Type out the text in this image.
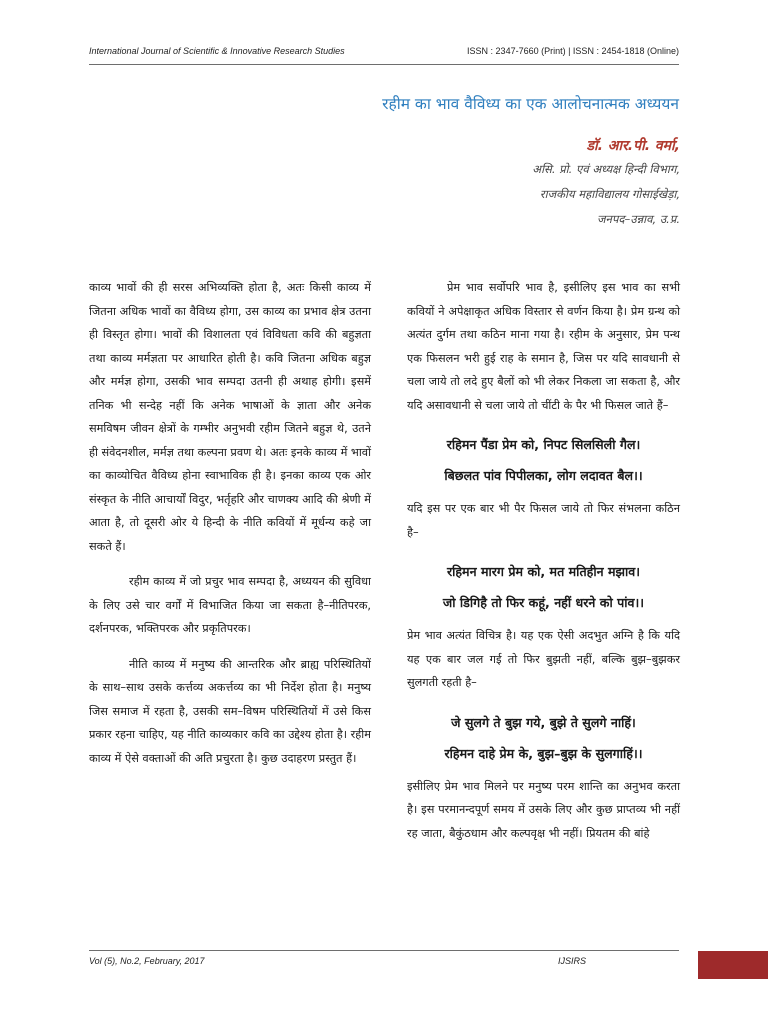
International Journal of Scientific & Innovative Research Studies	ISSN : 2347-7660 (Print) | ISSN : 2454-1818 (Online)
रहीम का भाव वैविध्य का एक आलोचनात्मक अध्ययन
डॉ. आर.पी. वर्मा,
असि. प्रो. एवं अध्यक्ष हिन्दी विभाग,
राजकीय महाविद्यालय गोसाईखेड़ा,
जनपद–उन्नाव, उ.प्र.

काव्य भावों की ही सरस अभिव्यक्ति होता है, अतः किसी काव्य में जितना अधिक भावों का वैविध्य होगा, उस काव्य का प्रभाव क्षेत्र उतना ही विस्तृत होगा। भावों की विशालता एवं विविधता कवि की बहुज्ञता तथा काव्य मर्मज्ञता पर आधारित होती है। कवि जितना अधिक बहुज्ञ और मर्मज्ञ होगा, उसकी भाव सम्पदा उतनी ही अथाह होगी। इसमें तनिक भी सन्देह नहीं कि अनेक भाषाओं के ज्ञाता और अनेक समविषम जीवन क्षेत्रों के गम्भीर अनुभवी रहीम जितने बहुज्ञ थे, उतने ही संवेदनशील, मर्मज्ञ तथा कल्पना प्रवण थे। अतः इनके काव्य में भावों का काव्योचित वैविध्य होना स्वाभाविक ही है। इनका काव्य एक ओर संस्कृत के नीति आचार्यों विदुर, भर्तृहरि और चाणक्य आदि की श्रेणी में आता है, तो दूसरी ओर ये हिन्दी के नीति कवियों में मूर्धन्य कहे जा सकते हैं।

रहीम काव्य में जो प्रचुर भाव सम्पदा है, अध्ययन की सुविधा के लिए उसे चार वर्गों में विभाजित किया जा सकता है–नीतिपरक, दर्शनपरक, भक्तिपरक और प्रकृतिपरक।

नीति काव्य में मनुष्य की आन्तरिक और ब्राह्य परिस्थितियों के साथ–साथ उसके कर्त्तव्य अकर्त्तव्य का भी निर्देश होता है। मनुष्य जिस समाज में रहता है, उसकी सम–विषम परिस्थितियों में उसे किस प्रकार रहना चाहिए, यह नीति काव्यकार कवि का उद्देश्य होता है। रहीम काव्य में ऐसे वक्ताओं की अति प्रचुरता है। कुछ उदाहरण प्रस्तुत हैं।

प्रेम भाव सर्वोपरि भाव है, इसीलिए इस भाव का सभी कवियों ने अपेक्षाकृत अधिक विस्तार से वर्णन किया है। प्रेम ग्रन्थ को अत्यंत दुर्गम तथा कठिन माना गया है। रहीम के अनुसार, प्रेम पन्थ एक फिसलन भरी हुई राह के समान है, जिस पर यदि सावधानी से चला जाये तो लदे हुए बैलों को भी लेकर निकला जा सकता है, और यदि असावधानी से चला जाये तो चींटी के पैर भी फिसल जाते हैं–

रहिमन पैंडा प्रेम को, निपट सिलसिली गैल।

बिछलत पांव पिपीलका, लोग लदावत बैल।।

यदि इस पर एक बार भी पैर फिसल जाये तो फिर संभलना कठिन है–

रहिमन मारग प्रेम को, मत मतिहीन मझाव।

जो डिगिहै तो फिर कहूं, नहीं धरने को पांव।।

प्रेम भाव अत्यंत विचित्र है। यह एक ऐसी अदभुत अग्नि है कि यदि यह एक बार जल गई तो फिर बुझती नहीं, बल्कि बुझ–बुझकर सुलगती रहती है–

जे सुलगे ते बुझ गये, बुझे ते सुलगे नाहिं।

रहिमन दाहे प्रेम के, बुझ–बुझ के सुलगाहिं।।

इसीलिए प्रेम भाव मिलने पर मनुष्य परम शान्ति का अनुभव करता है। इस परमानन्दपूर्ण समय में उसके लिए और कुछ प्राप्तव्य भी नहीं रह जाता, बैकुंठधाम और कल्पवृक्ष भी नहीं। प्रियतम की बांहे

Vol (5), No.2, February, 2017	IJSIRS
